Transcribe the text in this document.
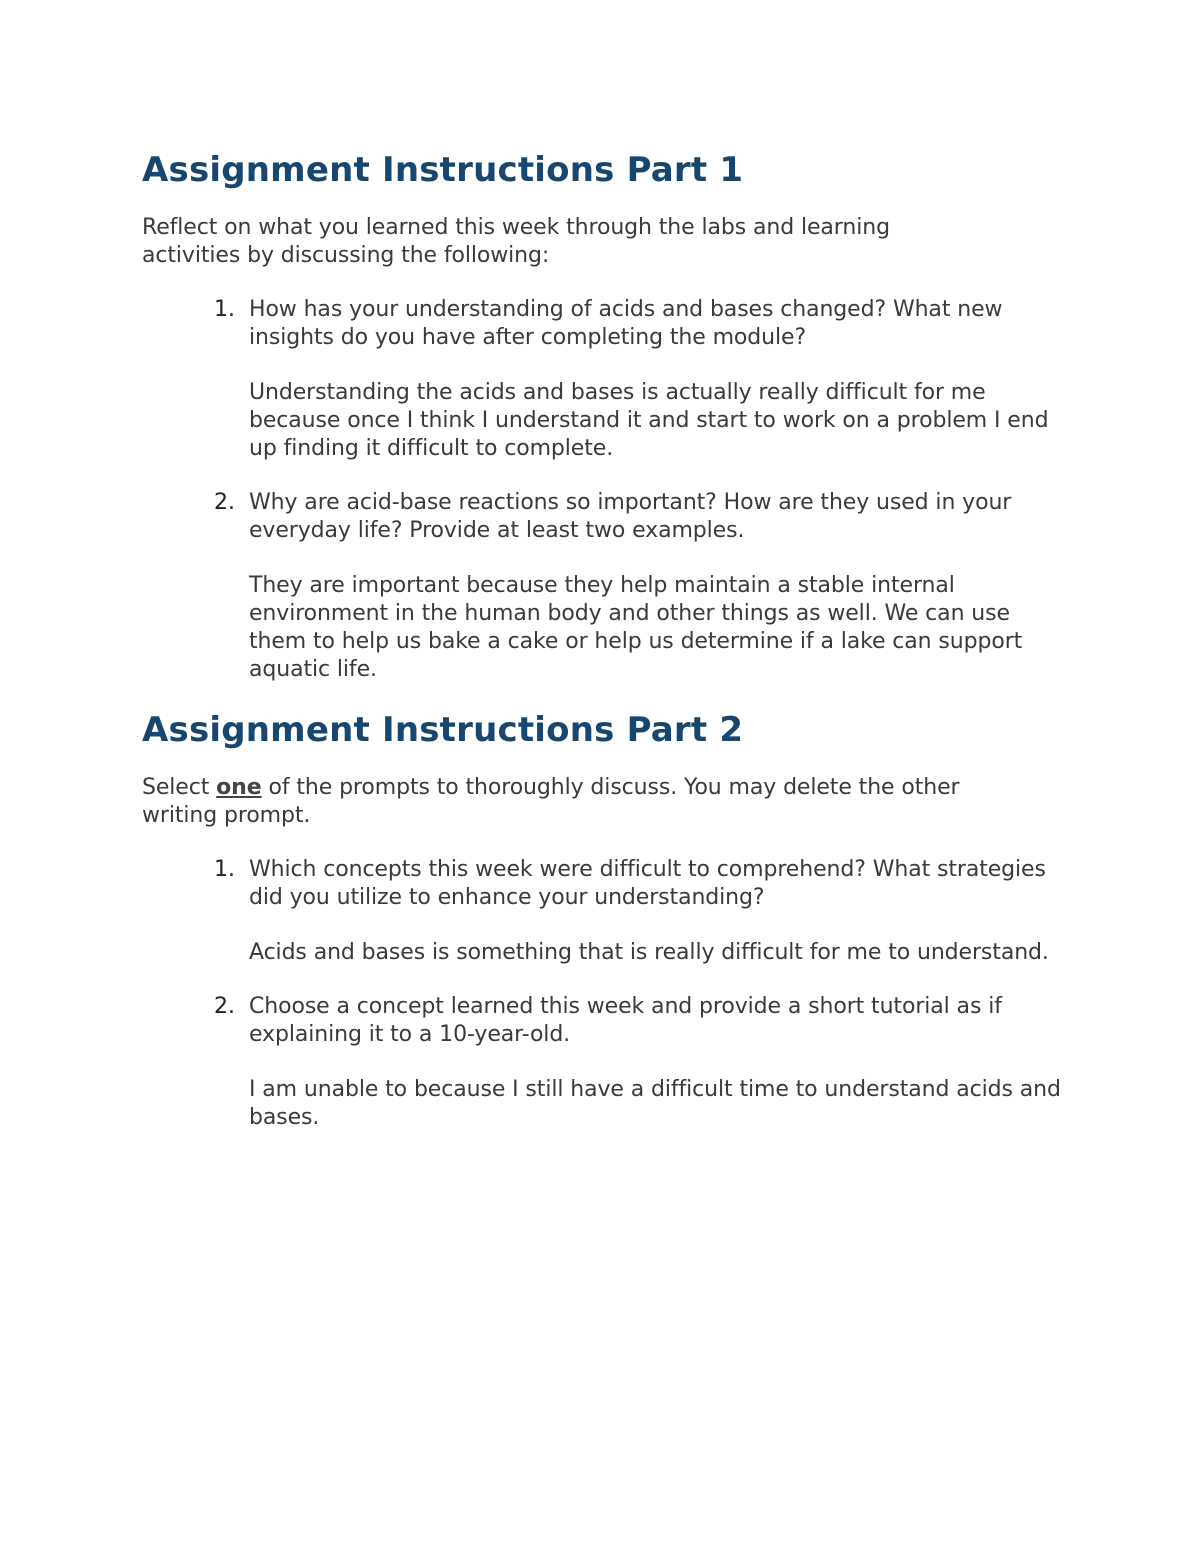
Assignment Instructions Part 1

Reflect on what you learned this week through the labs and learning activities by discussing the following:

1. How has your understanding of acids and bases changed? What new insights do you have after completing the module?

Understanding the acids and bases is actually really difficult for me because once I think I understand it and start to work on a problem I end up finding it difficult to complete.

2. Why are acid-base reactions so important? How are they used in your everyday life? Provide at least two examples.

They are important because they help maintain a stable internal environment in the human body and other things as well. We can use them to help us bake a cake or help us determine if a lake can support aquatic life.

Assignment Instructions Part 2

Select one of the prompts to thoroughly discuss. You may delete the other writing prompt.

1. Which concepts this week were difficult to comprehend? What strategies did you utilize to enhance your understanding?

Acids and bases is something that is really difficult for me to understand.

2. Choose a concept learned this week and provide a short tutorial as if explaining it to a 10-year-old.

I am unable to because I still have a difficult time to understand acids and bases.
